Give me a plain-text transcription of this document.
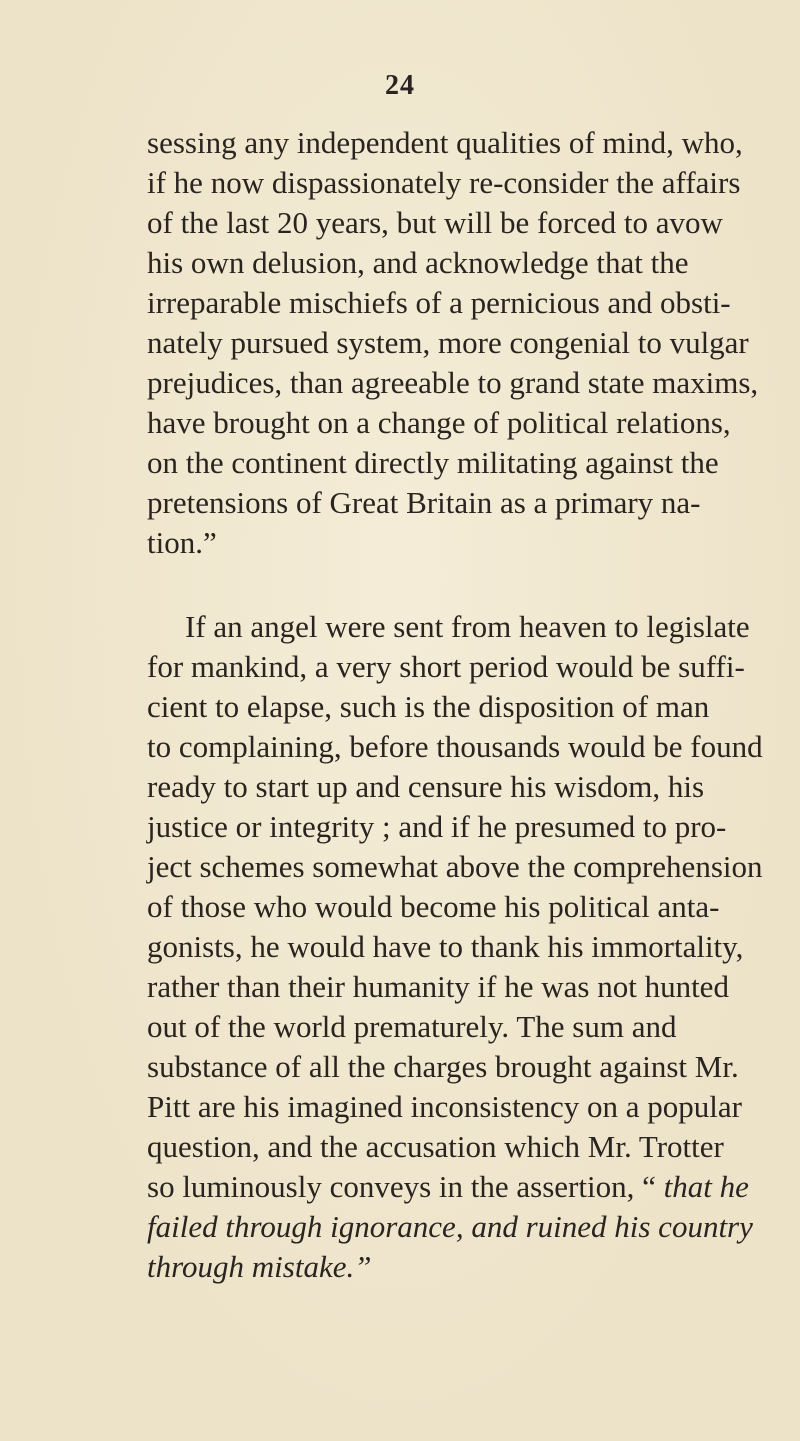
24
sessing any independent qualities of mind, who,
if he now dispassionately re-consider the affairs
of the last 20 years, but will be forced to avow
his own delusion, and acknowledge that the
irreparable mischiefs of a pernicious and obsti-
nately pursued system, more congenial to vulgar
prejudices, than agreeable to grand state maxims,
have brought on a change of political relations,
on the continent directly militating against the
pretensions of Great Britain as a primary na-
tion.”
If an angel were sent from heaven to legislate
for mankind, a very short period would be suffi-
cient to elapse, such is the disposition of man
to complaining, before thousands would be found
ready to start up and censure his wisdom, his
justice or integrity ; and if he presumed to pro-
ject schemes somewhat above the comprehension
of those who would become his political anta-
gonists, he would have to thank his immortality,
rather than their humanity if he was not hunted
out of the world prematurely. The sum and
substance of all the charges brought against Mr.
Pitt are his imagined inconsistency on a popular
question, and the accusation which Mr. Trotter
so luminously conveys in the assertion, “ that he
failed through ignorance, and ruined his country
through mistake.”
